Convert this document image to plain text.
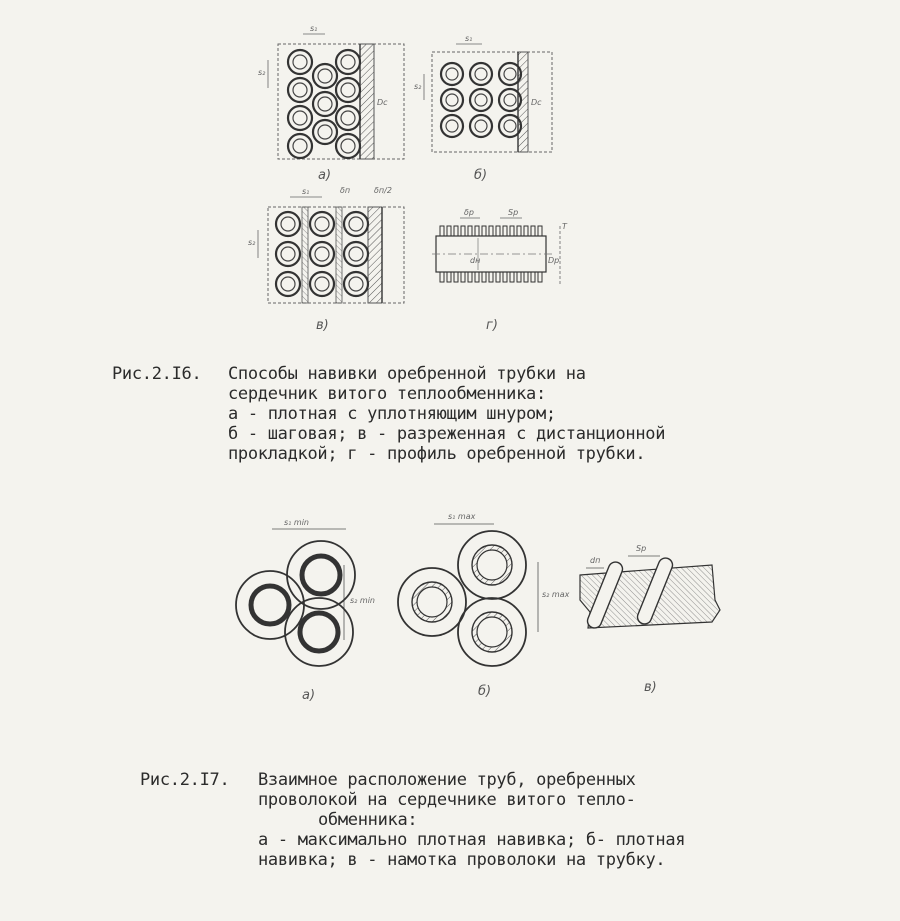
а)	б)
в)	г)
s₁
s₂
Dc
s₁
s₂
Dc
s₁
s₂
δп	δп/2
δр	Sр
dн	Dр
T
Рис.2.I6. Способы навивки оребренной трубки на
сердечник витого теплообменника:
а - плотная с уплотняющим шнуром;
б - шаговая; в - разреженная с дистанционной
прокладкой; г - профиль оребренной трубки.
а)	б)	в)
s₁ min
s₂ min
s₁ max
s₂ max
dп
Sр
Рис.2.I7. Взаимное расположение труб, оребренных
проволокой на сердечнике витого тепло-
обменника:
а - максимально плотная навивка; б- плотная
навивка; в - намотка проволоки на трубку.
